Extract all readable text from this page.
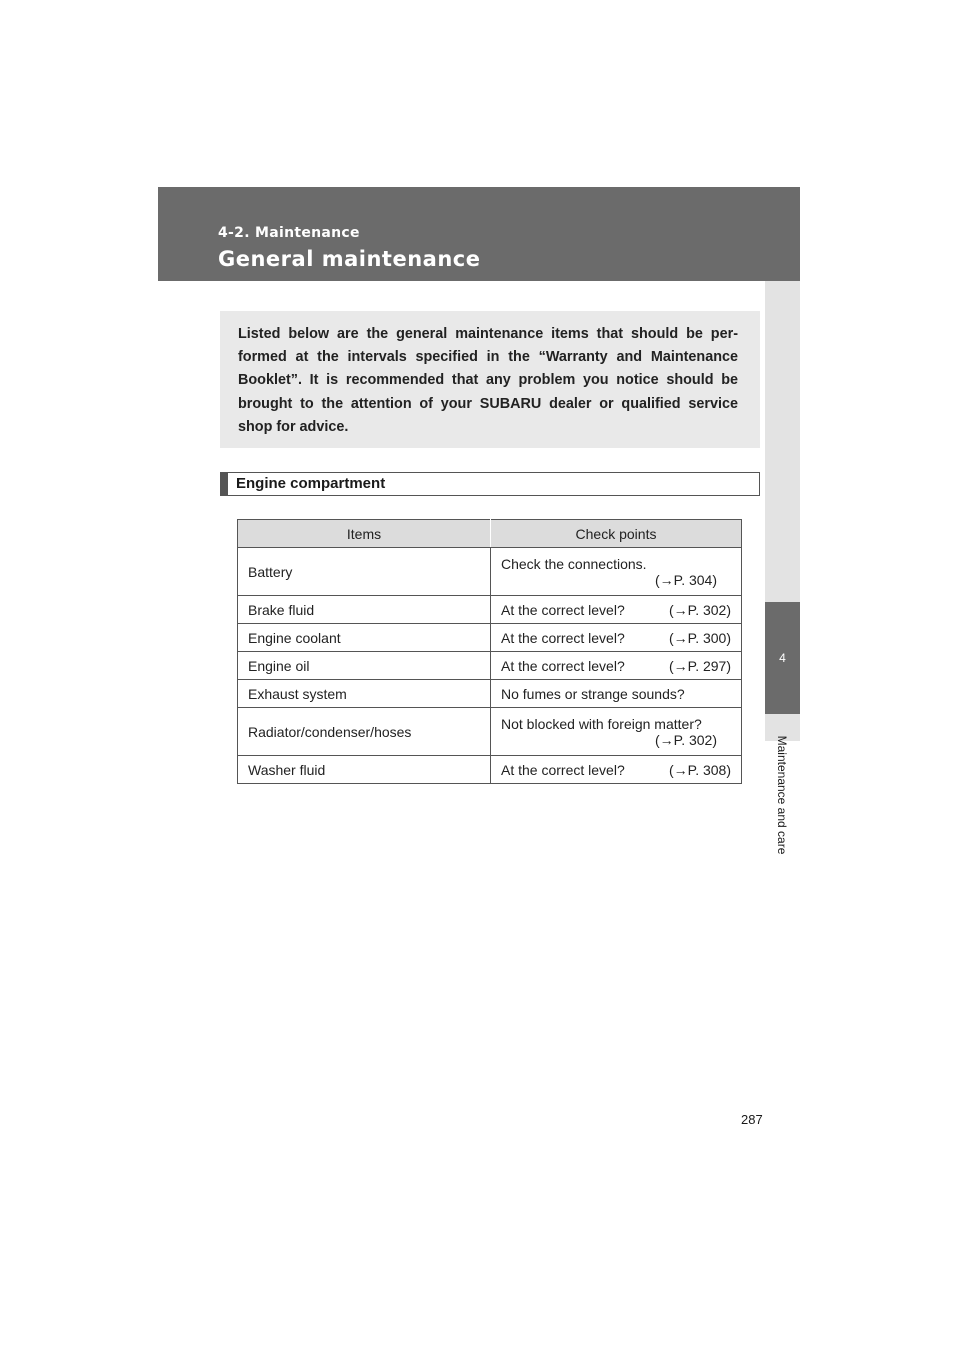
4-2. Maintenance
General maintenance
4
Maintenance and care

Listed below are the general maintenance items that should be per-formed at the intervals specified in the “Warranty and Maintenance Booklet”. It is recommended that any problem you notice should be brought to the attention of your SUBARU dealer or qualified service shop for advice.

Engine compartment
Items	Check points
Battery	Check the connections.
(→P. 304)

Brake fluid	At the correct level? (→P. 302)

Engine coolant	At the correct level? (→P. 300)

Engine oil	At the correct level? (→P. 297)

Exhaust system	No fumes or strange sounds?
Radiator/condenser/hoses	Not blocked with foreign matter?
(→P. 302)

Washer fluid	At the correct level? (→P. 308)
287
